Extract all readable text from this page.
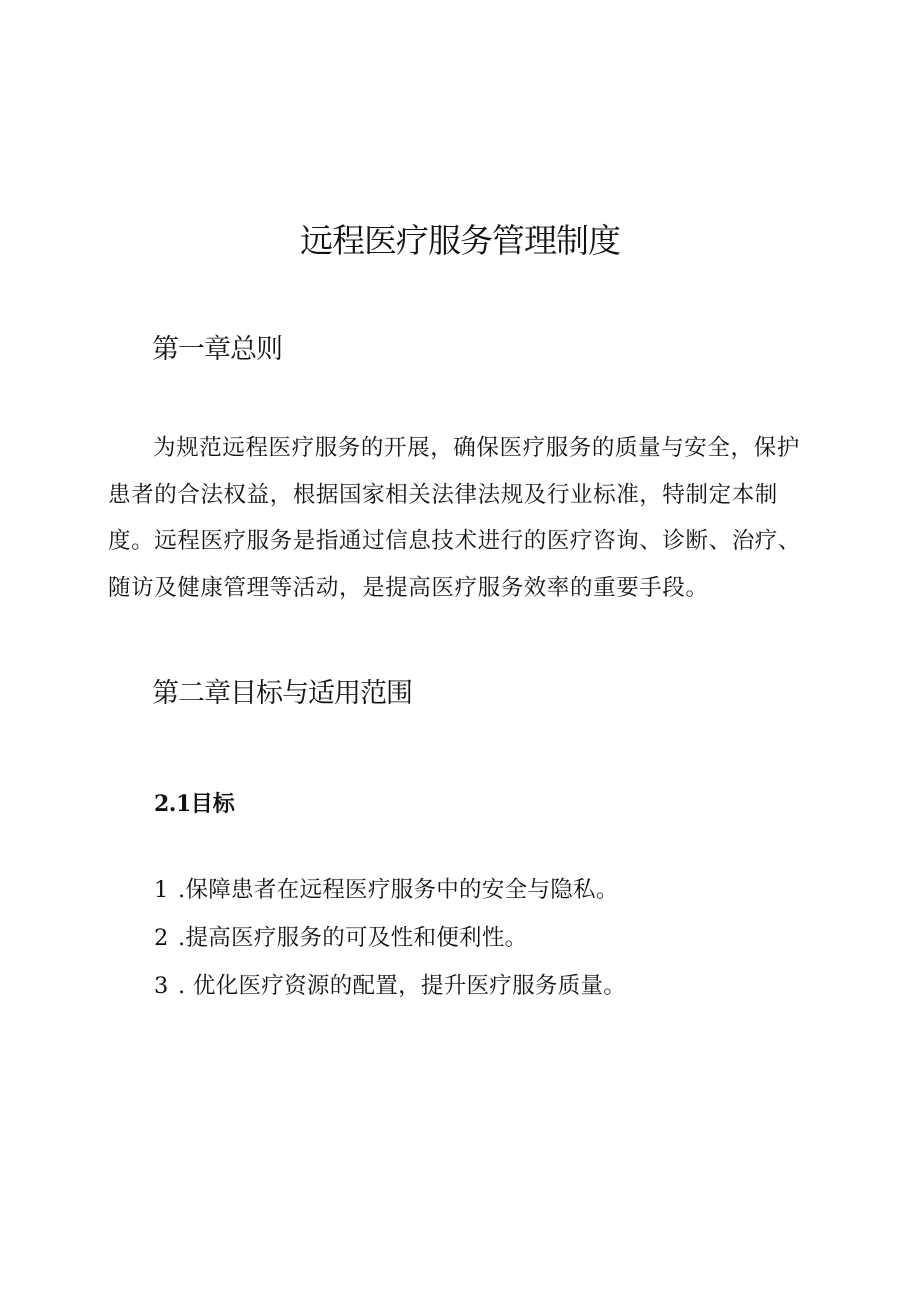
远程医疗服务管理制度
第一章总则

为规范远程医疗服务的开展，确保医疗服务的质量与安全，保护患者的合法权益，根据国家相关法律法规及行业标准，特制定本制度。远程医疗服务是指通过信息技术进行的医疗咨询、诊断、治疗、随访及健康管理等活动，是提高医疗服务效率的重要手段。

第二章目标与适用范围
2.1目标
1 .保障患者在远程医疗服务中的安全与隐私。
2 .提高医疗服务的可及性和便利性。
3 . 优化医疗资源的配置，提升医疗服务质量。
